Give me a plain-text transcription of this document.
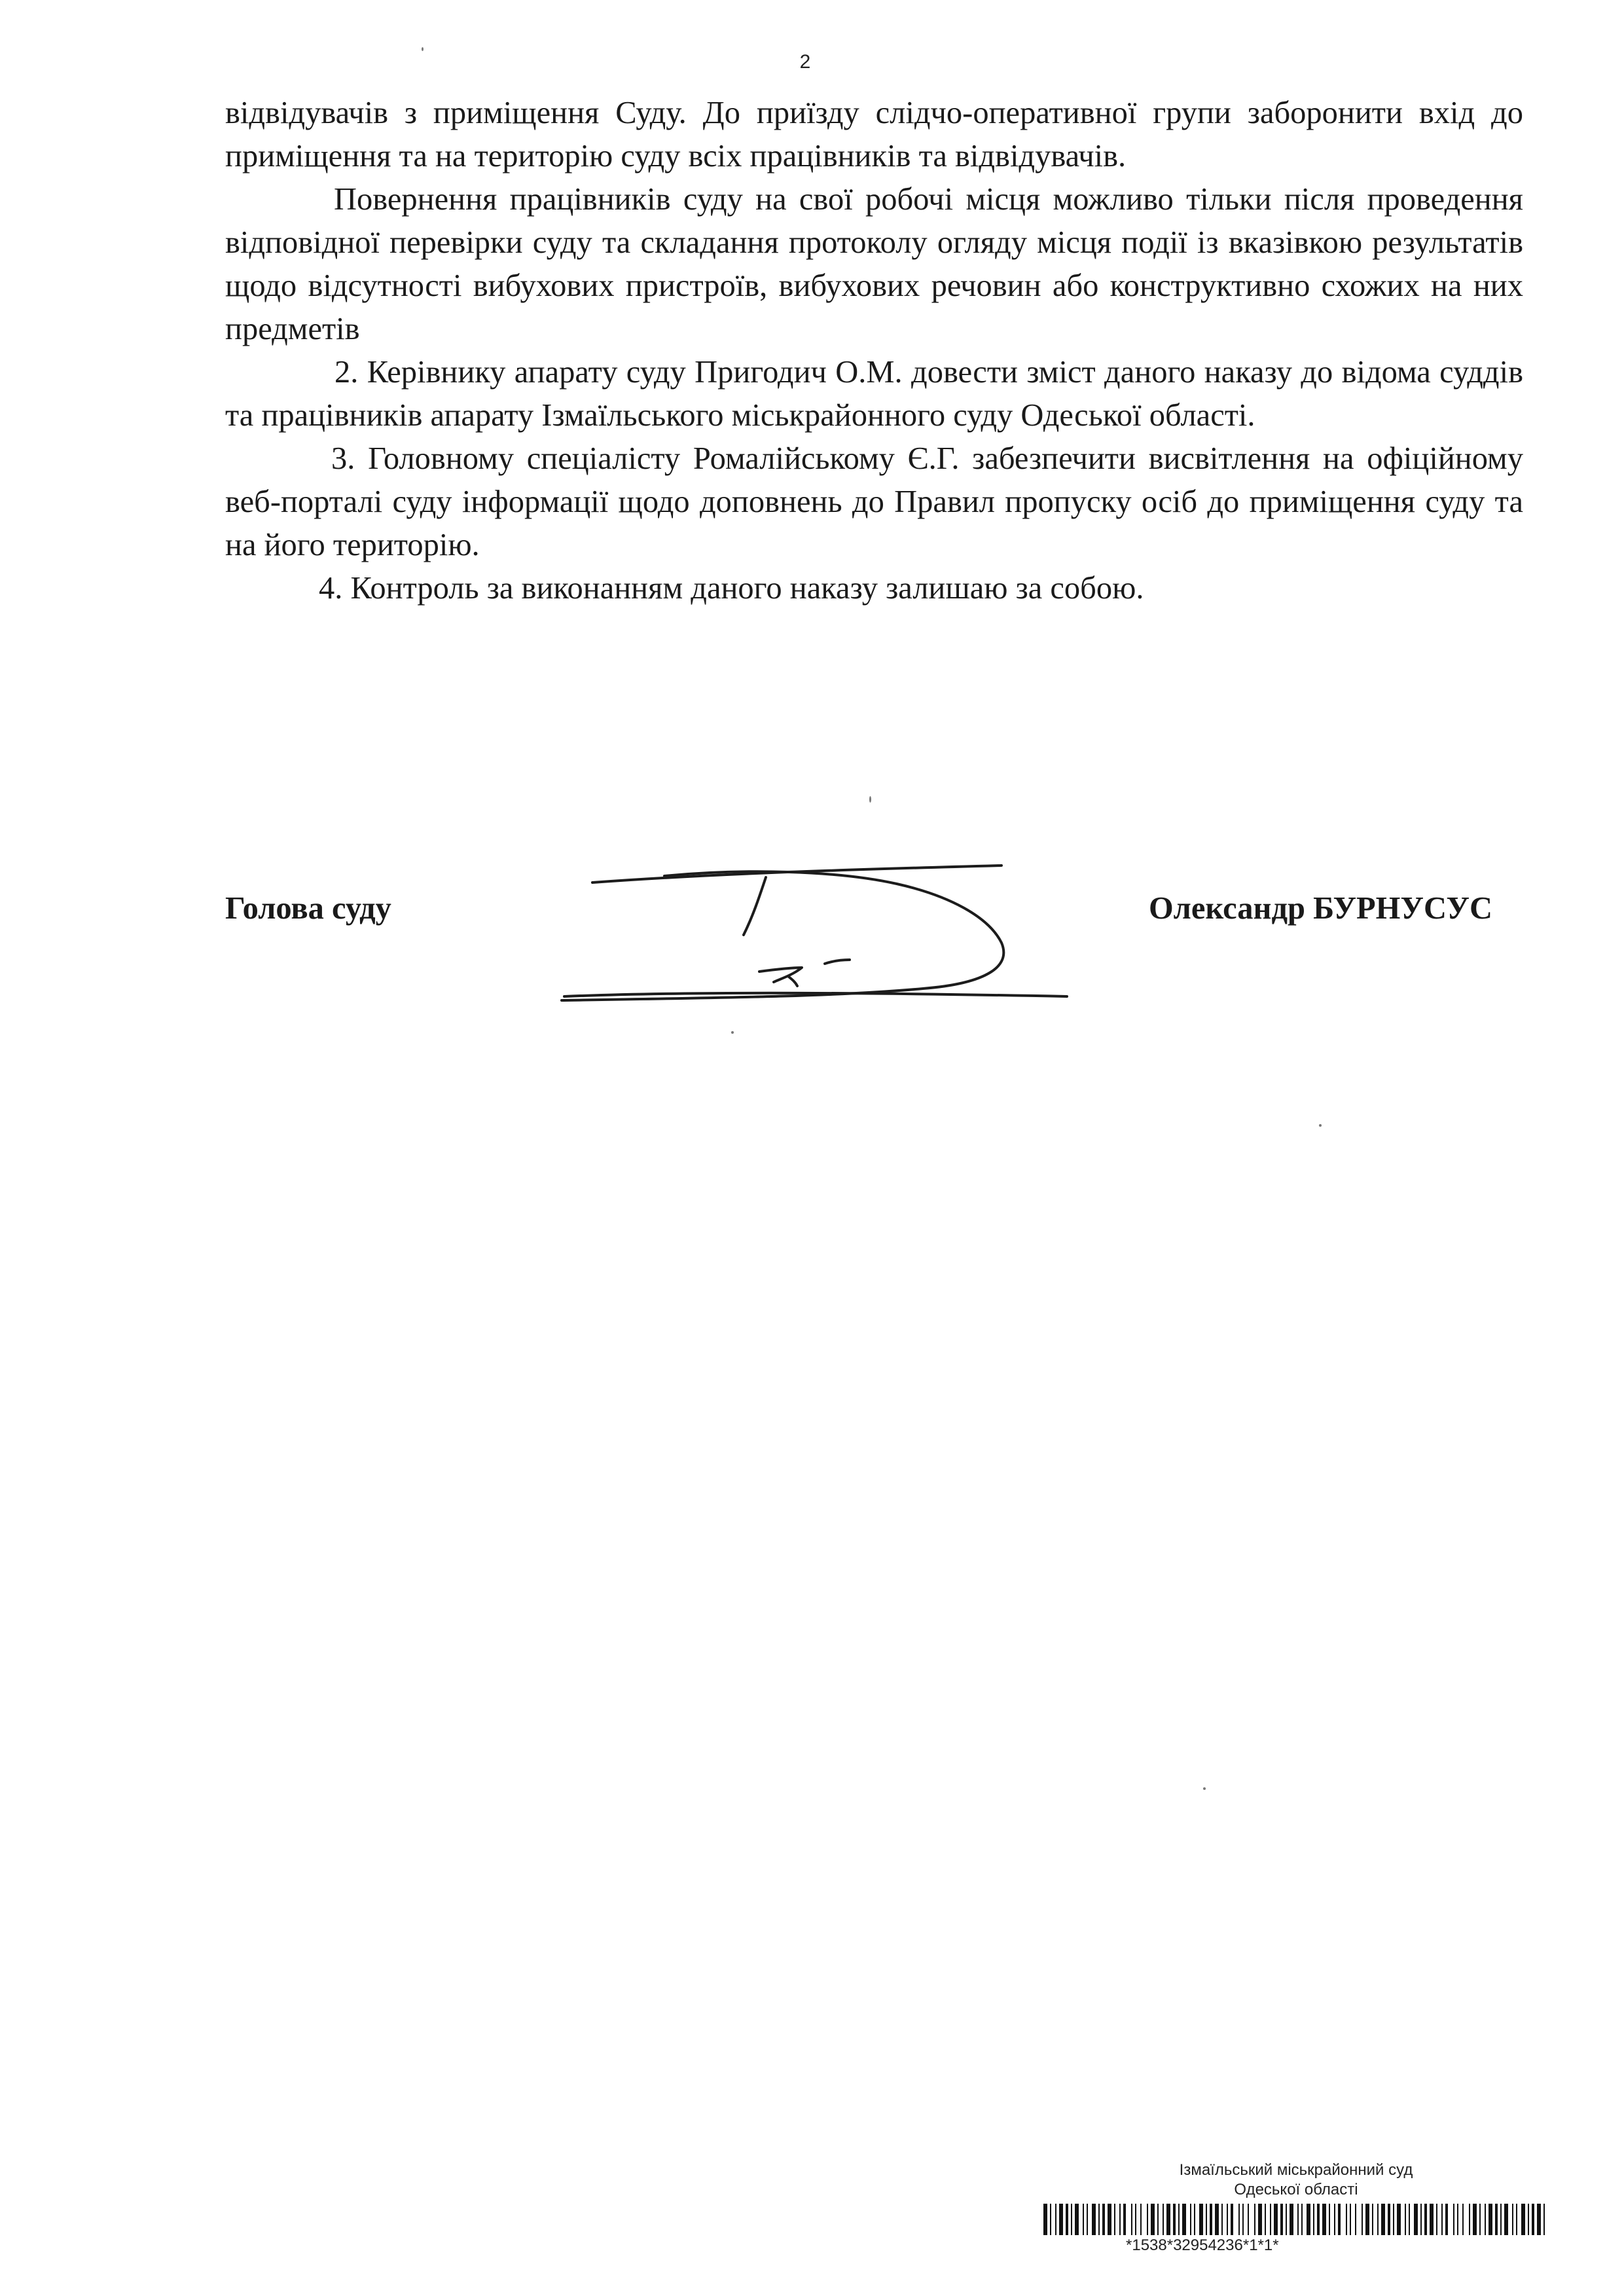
2

відвідувачів з приміщення Суду. До приїзду слідчо-оперативної групи заборонити вхід до приміщення та на територію суду всіх працівників та відвідувачів.

Повернення працівників суду на свої робочі місця можливо тільки після проведення відповідної перевірки суду та складання протоколу огляду місця події із вказівкою результатів щодо відсутності вибухових пристроїв, вибухових речовин або конструктивно схожих на них предметів

2. Керівнику апарату суду Пригодич О.М. довести зміст даного наказу до відома суддів та працівників апарату Ізмаїльського міськрайонного суду Одеської області.

3. Головному спеціалісту Ромалійському Є.Г. забезпечити висвітлення на офіційному веб-порталі суду інформації щодо доповнень до Правил пропуску осіб до приміщення суду та на його територію.

4. Контроль за виконанням даного наказу залишаю за собою.

Голова суду	Олександр БУРНУСУС
Ізмаїльський міськрайонний суд
Одеської області
*1538*32954236*1*1*
